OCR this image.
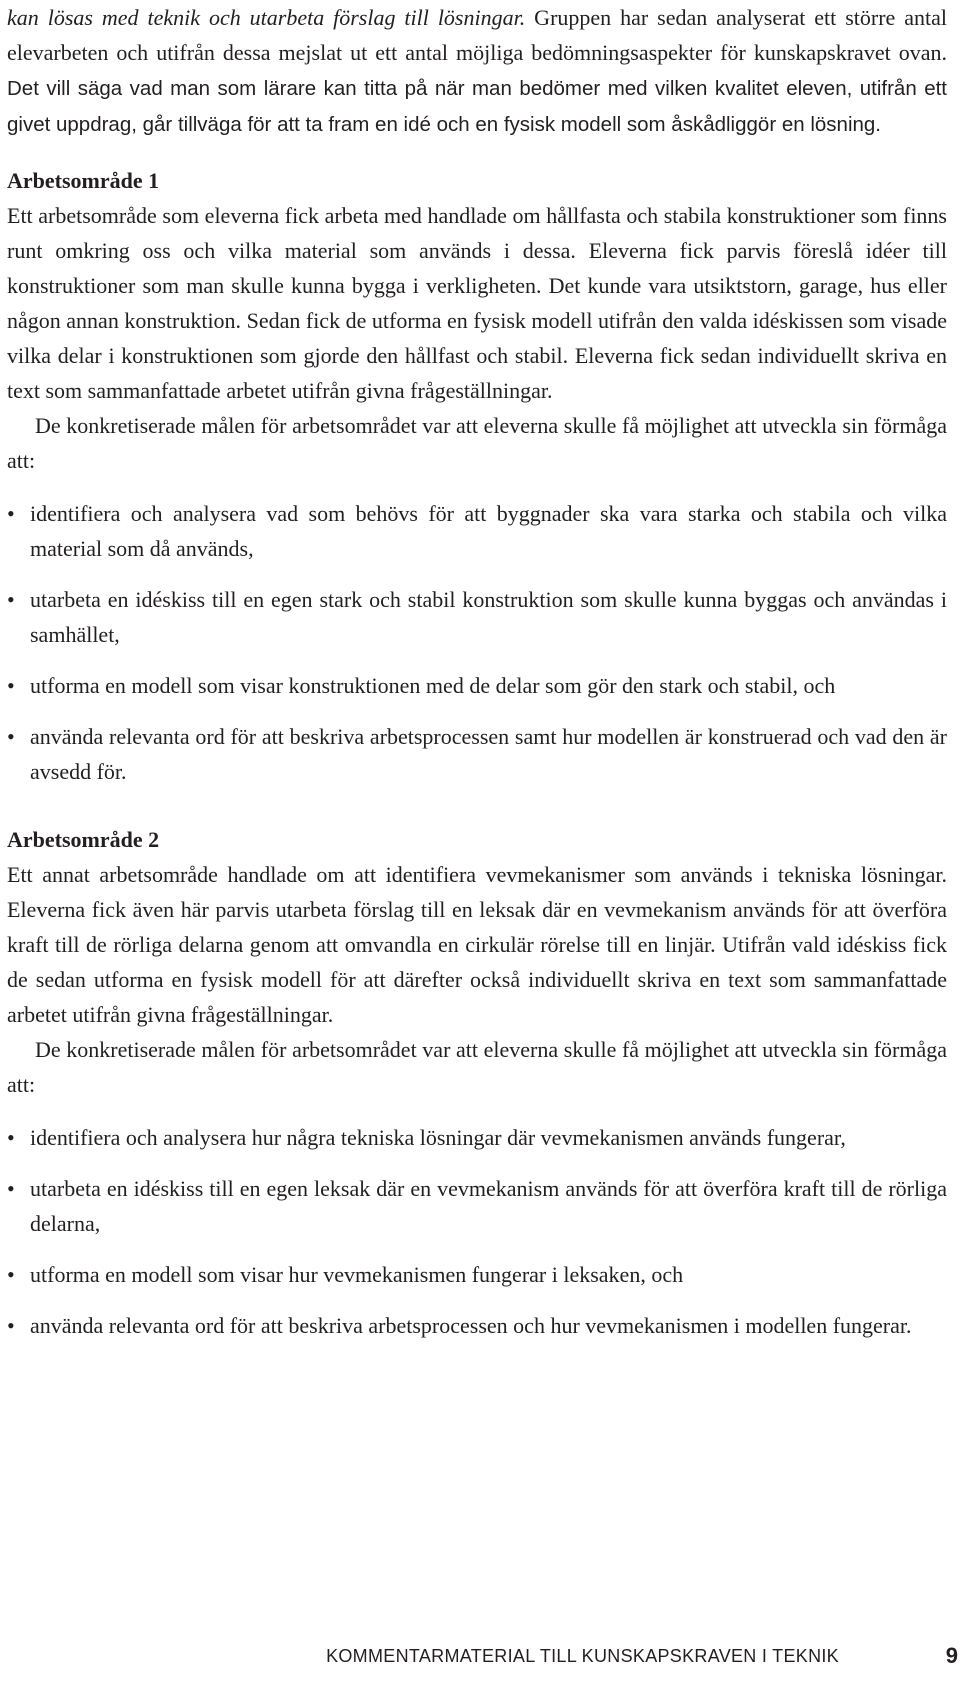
kan lösas med teknik och utarbeta förslag till lösningar. Gruppen har sedan analyserat ett större antal elevarbeten och utifrån dessa mejslat ut ett antal möjliga bedömningsaspekter för kunskapskravet ovan. Det vill säga vad man som lärare kan titta på när man bedömer med vilken kvalitet eleven, utifrån ett givet uppdrag, går tillväga för att ta fram en idé och en fysisk modell som åskådliggör en lösning.

Arbetsområde 1

Ett arbetsområde som eleverna fick arbeta med handlade om hållfasta och stabila konstruktioner som finns runt omkring oss och vilka material som används i dessa. Eleverna fick parvis föreslå idéer till konstruktioner som man skulle kunna bygga i verkligheten. Det kunde vara utsiktstorn, garage, hus eller någon annan konstruktion. Sedan fick de utforma en fysisk modell utifrån den valda idéskissen som visade vilka delar i konstruktionen som gjorde den hållfast och stabil. Eleverna fick sedan individuellt skriva en text som sammanfattade arbetet utifrån givna frågeställningar.

De konkretiserade målen för arbetsområdet var att eleverna skulle få möjlighet att utveckla sin förmåga att:

• identifiera och analysera vad som behövs för att byggnader ska vara starka och stabila och vilka material som då används,
• utarbeta en idéskiss till en egen stark och stabil konstruktion som skulle kunna byggas och användas i samhället,
• utforma en modell som visar konstruktionen med de delar som gör den stark och stabil, och
• använda relevanta ord för att beskriva arbetsprocessen samt hur modellen är konstruerad och vad den är avsedd för.
Arbetsområde 2

Ett annat arbetsområde handlade om att identifiera vevmekanismer som används i tekniska lösningar. Eleverna fick även här parvis utarbeta förslag till en leksak där en vevmekanism används för att överföra kraft till de rörliga delarna genom att omvandla en cirkulär rörelse till en linjär. Utifrån vald idéskiss fick de sedan utforma en fysisk modell för att därefter också individuellt skriva en text som sammanfattade arbetet utifrån givna frågeställningar.

De konkretiserade målen för arbetsområdet var att eleverna skulle få möjlighet att utveckla sin förmåga att:

• identifiera och analysera hur några tekniska lösningar där vevmekanismen används fungerar,
• utarbeta en idéskiss till en egen leksak där en vevmekanism används för att överföra kraft till de rörliga delarna,
• utforma en modell som visar hur vevmekanismen fungerar i leksaken, och
• använda relevanta ord för att beskriva arbetsprocessen och hur vevmekanismen i modellen fungerar.
KOMMENTARMATERIAL TILL KUNSKAPSKRAVEN I TEKNIK	9
